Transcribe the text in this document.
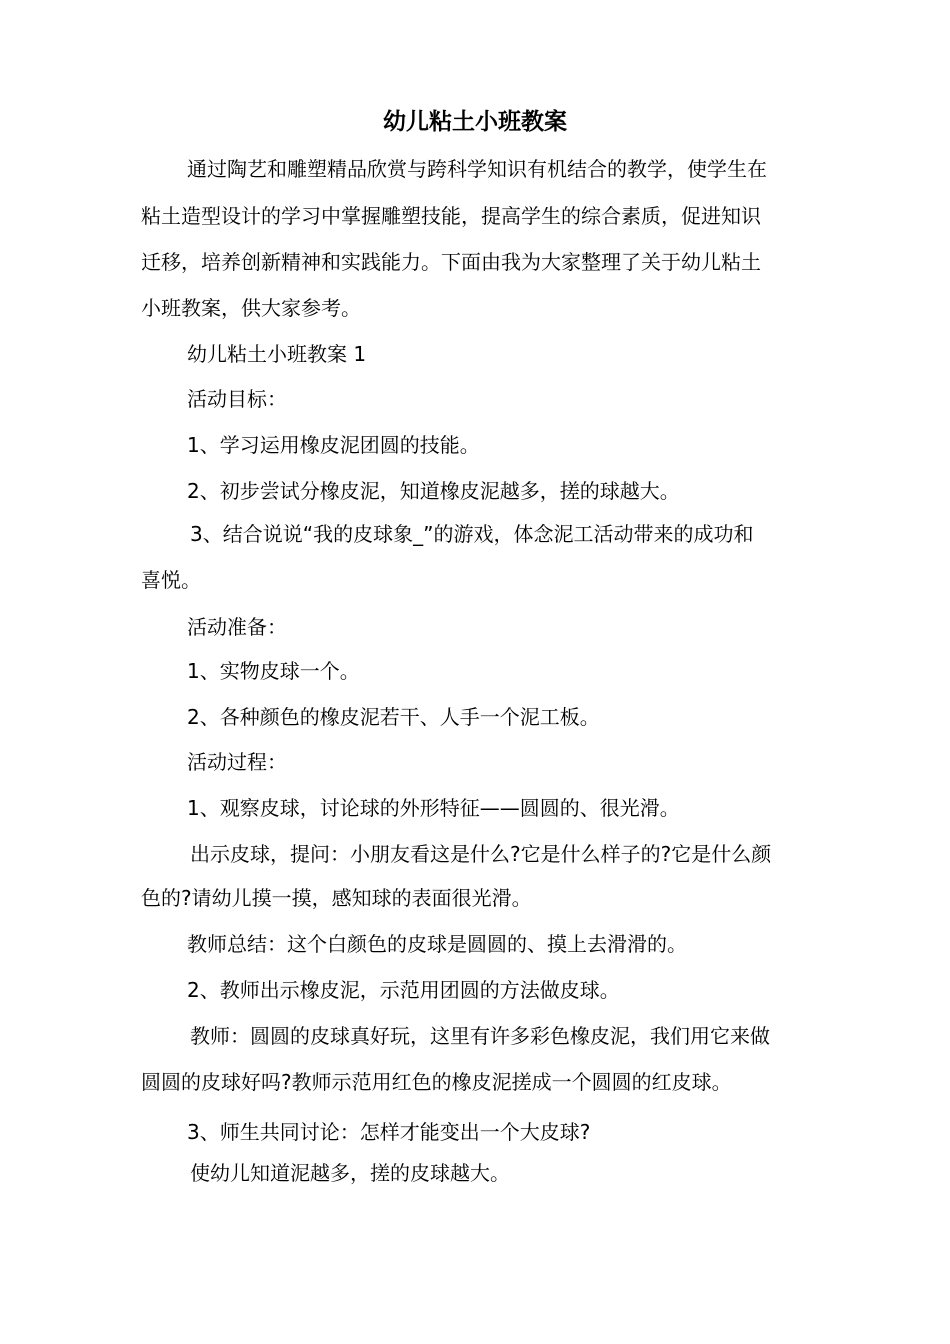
幼儿粘土小班教案
通过陶艺和雕塑精品欣赏与跨科学知识有机结合的教学，使学生在
粘土造型设计的学习中掌握雕塑技能，提高学生的综合素质，促进知识
迁移，培养创新精神和实践能力。下面由我为大家整理了关于幼儿粘土
小班教案，供大家参考。
幼儿粘土小班教案 1
活动目标：
1、学习运用橡皮泥团圆的技能。
2、初步尝试分橡皮泥，知道橡皮泥越多，搓的球越大。
3、结合说说“我的皮球象_”的游戏，体念泥工活动带来的成功和
喜悦。
活动准备：
1、实物皮球一个。
2、各种颜色的橡皮泥若干、人手一个泥工板。
活动过程：
1、观察皮球，讨论球的外形特征——圆圆的、很光滑。
出示皮球，提问：小朋友看这是什么?它是什么样子的?它是什么颜
色的?请幼儿摸一摸，感知球的表面很光滑。
教师总结：这个白颜色的皮球是圆圆的、摸上去滑滑的。
2、教师出示橡皮泥，示范用团圆的方法做皮球。
教师：圆圆的皮球真好玩，这里有许多彩色橡皮泥，我们用它来做
圆圆的皮球好吗?教师示范用红色的橡皮泥搓成一个圆圆的红皮球。
3、师生共同讨论：怎样才能变出一个大皮球?
使幼儿知道泥越多，搓的皮球越大。
